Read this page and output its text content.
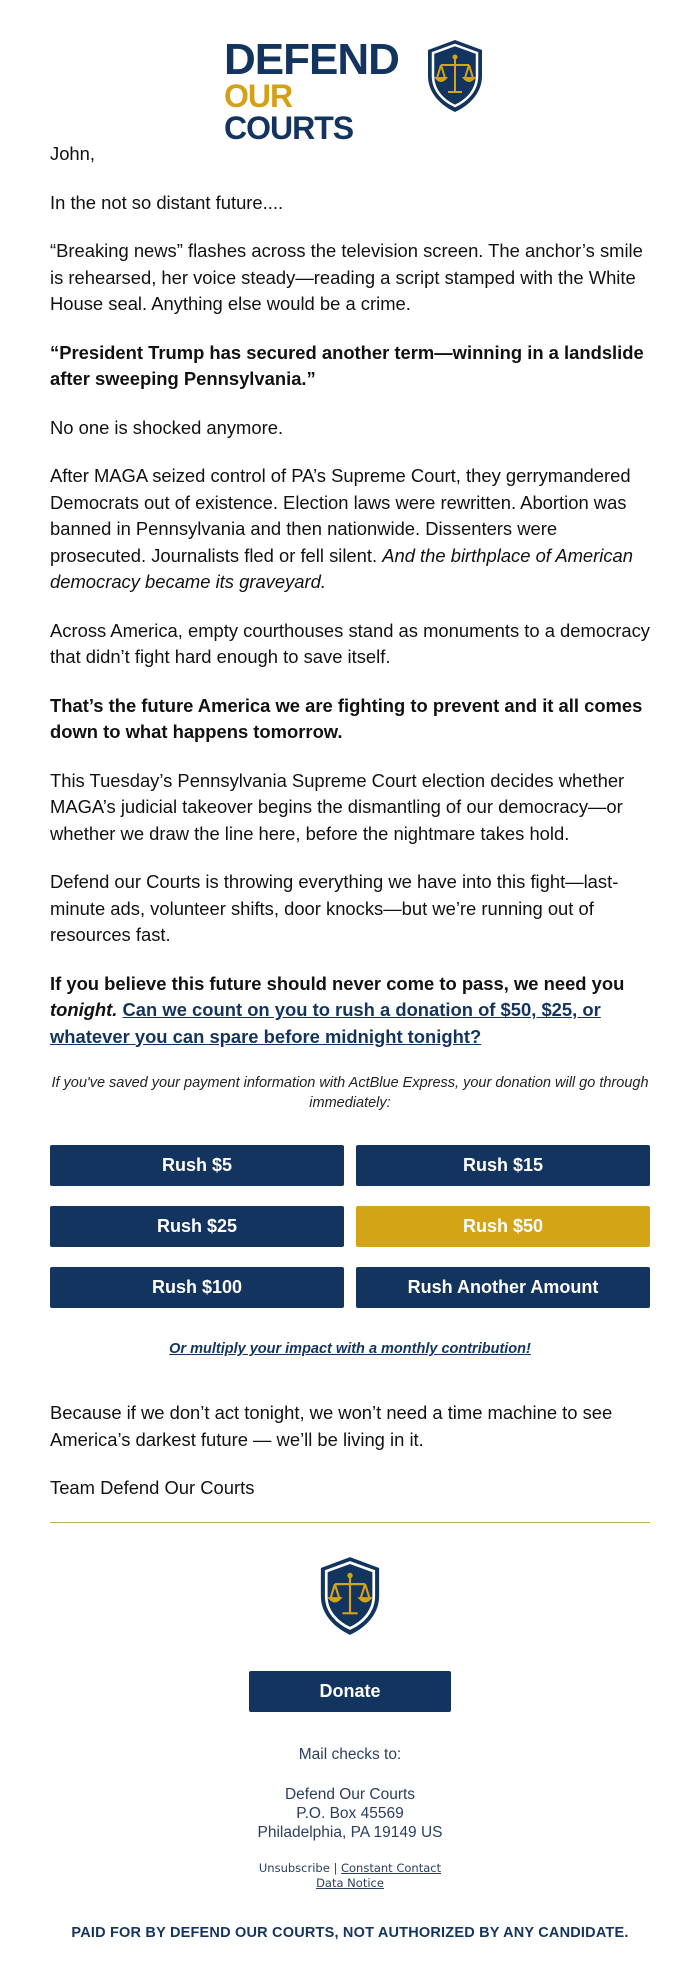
DEFEND
OUR COURTS

John,

In the not so distant future....

“Breaking news” flashes across the television screen. The anchor’s smile is rehearsed, her voice steady—reading a script stamped with the White House seal. Anything else would be a crime.

“President Trump has secured another term—winning in a landslide after sweeping Pennsylvania.”

No one is shocked anymore.

After MAGA seized control of PA’s Supreme Court, they gerrymandered Democrats out of existence. Election laws were rewritten. Abortion was banned in Pennsylvania and then nationwide. Dissenters were prosecuted. Journalists fled or fell silent. And the birthplace of American democracy became its graveyard.

Across America, empty courthouses stand as monuments to a democracy that didn’t fight hard enough to save itself.

That’s the future America we are fighting to prevent and it all comes down to what happens tomorrow.

This Tuesday’s Pennsylvania Supreme Court election decides whether MAGA’s judicial takeover begins the dismantling of our democracy—or whether we draw the line here, before the nightmare takes hold.

Defend our Courts is throwing everything we have into this fight—last-minute ads, volunteer shifts, door knocks—but we’re running out of resources fast.

If you believe this future should never come to pass, we need you tonight. Can we count on you to rush a donation of $50, $25, or whatever you can spare before midnight tonight?

If you've saved your payment information with ActBlue Express, your donation will go through immediately:
Rush $5	Rush $15
Rush $25	Rush $50
Rush $100	Rush Another Amount
Or multiply your impact with a monthly contribution!

Because if we don’t act tonight, we won’t need a time machine to see America’s darkest future — we’ll be living in it.

Team Defend Our Courts

Donate
Mail checks to:
Defend Our Courts
P.O. Box 45569
Philadelphia, PA 19149 US
Unsubscribe | Constant Contact
Data Notice
PAID FOR BY DEFEND OUR COURTS, NOT AUTHORIZED BY ANY CANDIDATE.
